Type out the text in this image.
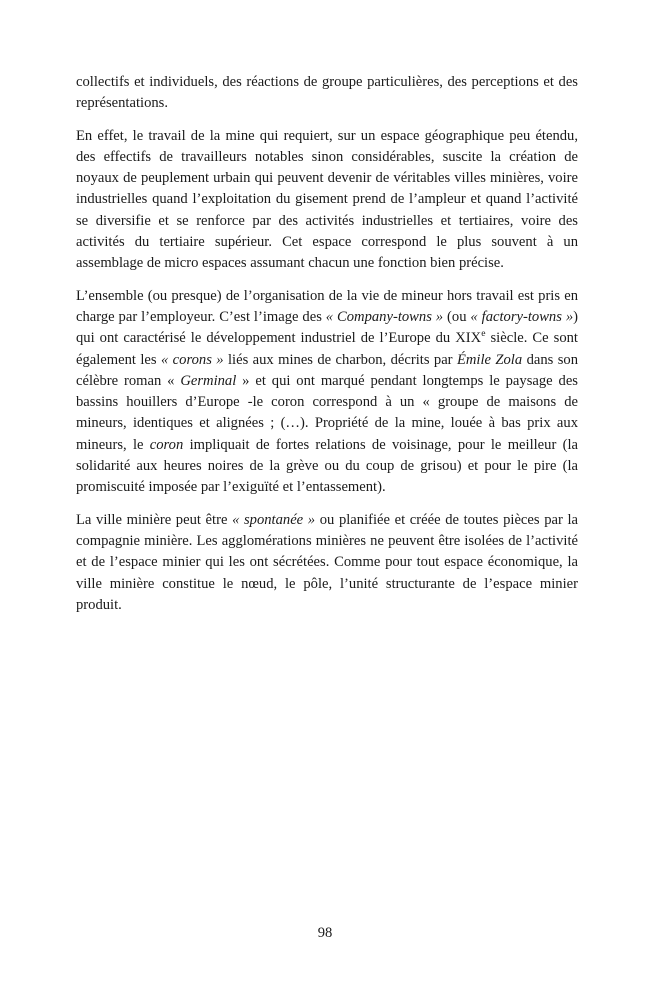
collectifs et individuels, des réactions de groupe particulières, des perceptions et des représentations.

En effet, le travail de la mine qui requiert, sur un espace géographique peu étendu, des effectifs de travailleurs notables sinon considérables, suscite la création de noyaux de peuplement urbain qui peuvent devenir de véritables villes minières, voire industrielles quand l’exploitation du gisement prend de l’ampleur et quand l’activité se diversifie et se renforce par des activités industrielles et tertiaires, voire des activités du tertiaire supérieur. Cet espace correspond le plus souvent à un assemblage de micro espaces assumant chacun une fonction bien précise.

L’ensemble (ou presque) de l’organisation de la vie de mineur hors travail est pris en charge par l’employeur. C’est l’image des « Company-towns » (ou « factory-towns ») qui ont caractérisé le développement industriel de l’Europe du XIXe siècle. Ce sont également les « corons » liés aux mines de charbon, décrits par Émile Zola dans son célèbre roman « Germinal » et qui ont marqué pendant longtemps le paysage des bassins houillers d’Europe -le coron correspond à un « groupe de maisons de mineurs, identiques et alignées ; (…). Propriété de la mine, louée à bas prix aux mineurs, le coron impliquait de fortes relations de voisinage, pour le meilleur (la solidarité aux heures noires de la grève ou du coup de grisou) et pour le pire (la promiscuité imposée par l’exiguïté et l’entassement).

La ville minière peut être « spontanée » ou planifiée et créée de toutes pièces par la compagnie minière. Les agglomérations minières ne peuvent être isolées de l’activité et de l’espace minier qui les ont sécrétées. Comme pour tout espace économique, la ville minière constitue le nœud, le pôle, l’unité structurante de l’espace minier produit.

98
